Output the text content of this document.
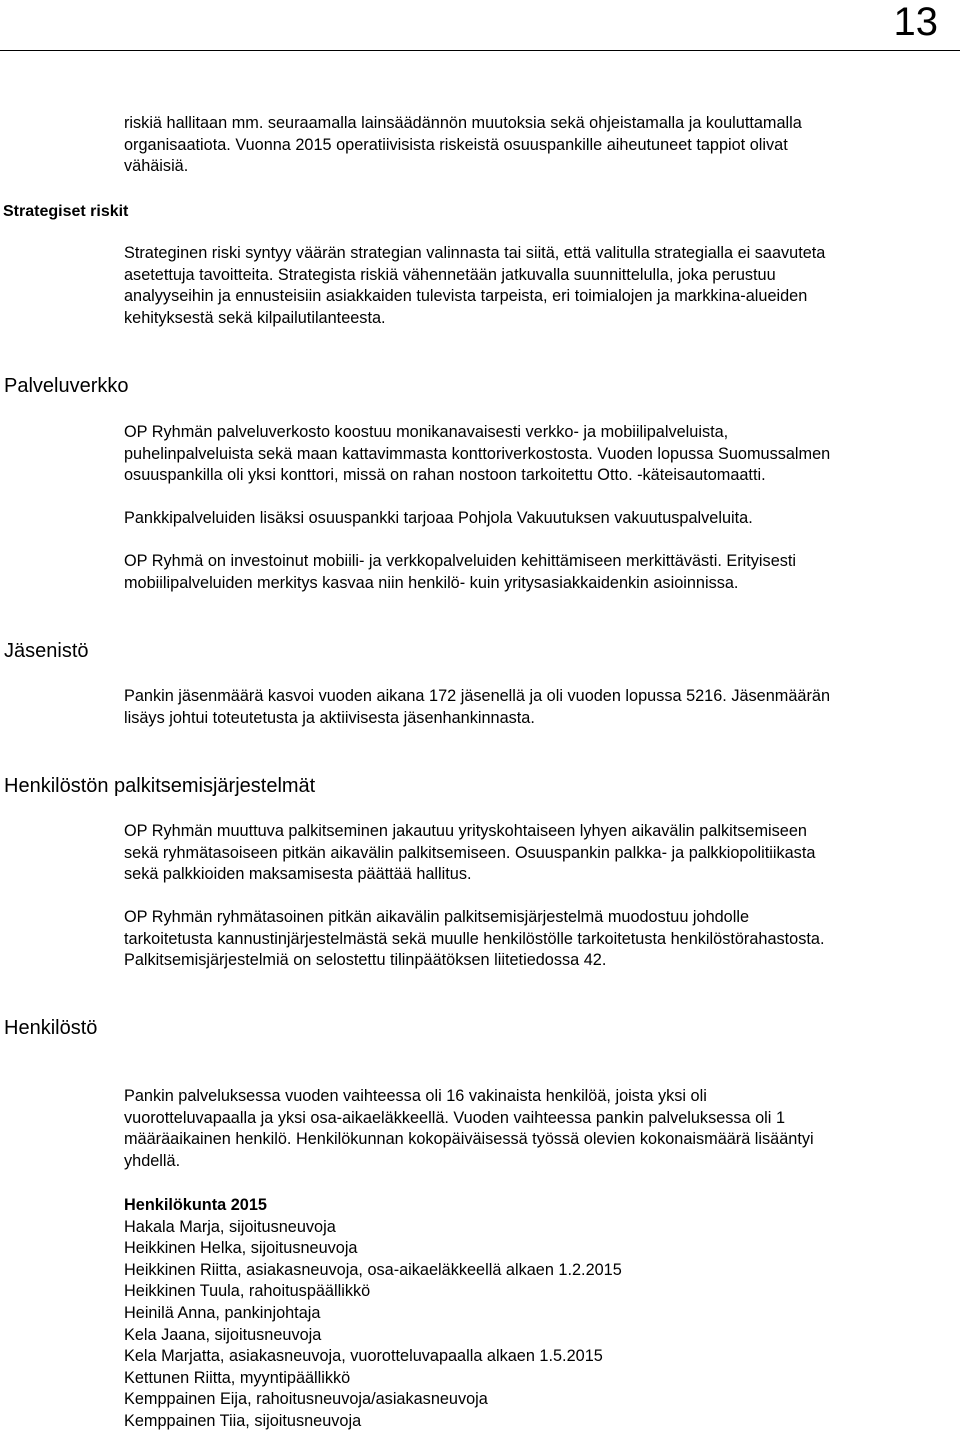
13
riskiä hallitaan mm. seuraamalla lainsäädännön muutoksia sekä ohjeistamalla ja kouluttamalla
organisaatiota. Vuonna 2015 operatiivisista riskeistä osuuspankille aiheutuneet tappiot olivat
vähäisiä.
Strategiset riskit
Strateginen riski syntyy väärän strategian valinnasta tai siitä, että valitulla strategialla ei saavuteta
asetettuja tavoitteita. Strategista riskiä vähennetään jatkuvalla suunnittelulla, joka perustuu
analyyseihin ja ennusteisiin asiakkaiden tulevista tarpeista, eri toimialojen ja markkina-alueiden
kehityksestä sekä kilpailutilanteesta.
Palveluverkko
OP Ryhmän palveluverkosto koostuu monikanavaisesti verkko- ja mobiilipalveluista,
puhelinpalveluista sekä maan kattavimmasta konttoriverkostosta. Vuoden lopussa Suomussalmen
osuuspankilla oli yksi konttori, missä on rahan nostoon tarkoitettu Otto. -käteisautomaatti.
Pankkipalveluiden lisäksi osuuspankki tarjoaa Pohjola Vakuutuksen vakuutuspalveluita.
OP Ryhmä on investoinut mobiili- ja verkkopalveluiden kehittämiseen merkittävästi. Erityisesti
mobiilipalveluiden merkitys kasvaa niin henkilö- kuin yritysasiakkaidenkin asioinnissa.
Jäsenistö
Pankin jäsenmäärä kasvoi vuoden aikana 172 jäsenellä ja oli vuoden lopussa 5216. Jäsenmäärän
lisäys johtui toteutetusta ja aktiivisesta jäsenhankinnasta.
Henkilöstön palkitsemisjärjestelmät
OP Ryhmän muuttuva palkitseminen jakautuu yrityskohtaiseen lyhyen aikavälin palkitsemiseen
sekä ryhmätasoiseen pitkän aikavälin palkitsemiseen. Osuuspankin palkka- ja palkkiopolitiikasta
sekä palkkioiden maksamisesta päättää hallitus.
OP Ryhmän ryhmätasoinen pitkän aikavälin palkitsemisjärjestelmä muodostuu johdolle
tarkoitetusta kannustinjärjestelmästä sekä muulle henkilöstölle tarkoitetusta henkilöstörahastosta.
Palkitsemisjärjestelmiä on selostettu tilinpäätöksen liitetiedossa 42.
Henkilöstö
Pankin palveluksessa vuoden vaihteessa oli 16 vakinaista henkilöä, joista yksi oli
vuorotteluvapaalla ja yksi osa-aikaeläkkeellä. Vuoden vaihteessa pankin palveluksessa oli 1
määräaikainen henkilö. Henkilökunnan kokopäiväisessä työssä olevien kokonaismäärä lisääntyi
yhdellä.
Henkilökunta 2015
Hakala Marja, sijoitusneuvoja
Heikkinen Helka, sijoitusneuvoja
Heikkinen Riitta, asiakasneuvoja, osa-aikaeläkkeellä alkaen 1.2.2015
Heikkinen Tuula, rahoituspäällikkö
Heinilä Anna, pankinjohtaja
Kela Jaana, sijoitusneuvoja
Kela Marjatta, asiakasneuvoja, vuorotteluvapaalla alkaen 1.5.2015
Kettunen Riitta, myyntipäällikkö
Kemppainen Eija, rahoitusneuvoja/asiakasneuvoja
Kemppainen Tiia, sijoitusneuvoja
